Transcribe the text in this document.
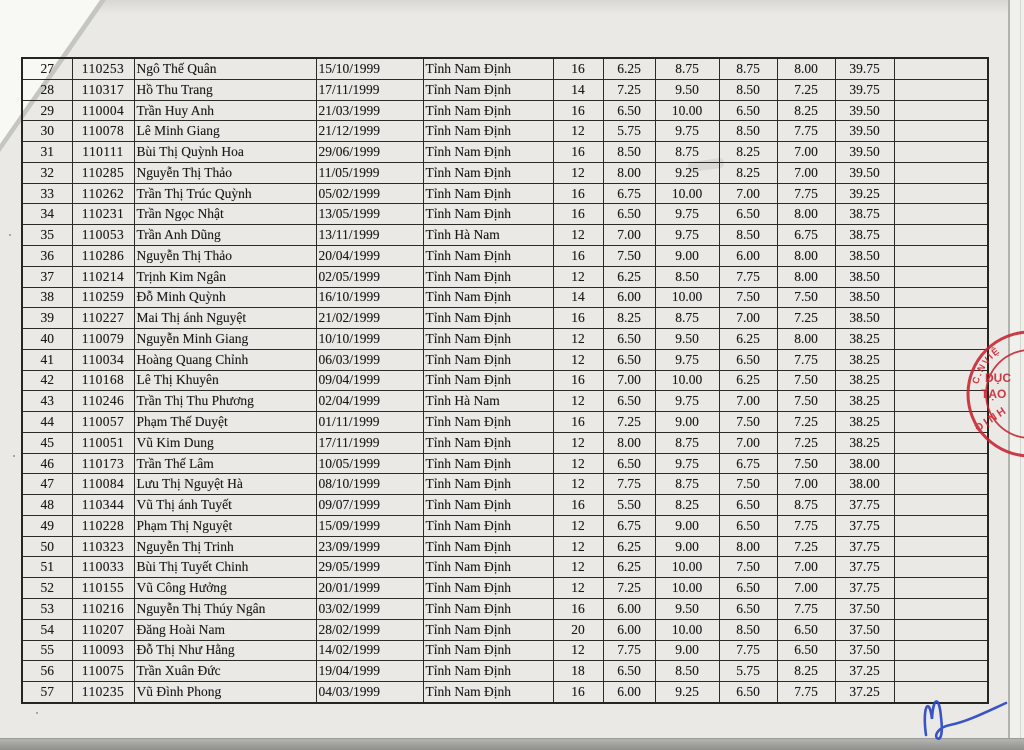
27	110253	Ngô Thế Quân	15/10/1999	Tỉnh Nam Định	16	6.25	8.75	8.75	8.00	39.75	
28	110317	Hồ Thu Trang	17/11/1999	Tỉnh Nam Định	14	7.25	9.50	8.50	7.25	39.75	
29	110004	Trần Huy Anh	21/03/1999	Tỉnh Nam Định	16	6.50	10.00	6.50	8.25	39.50	
30	110078	Lê Minh Giang	21/12/1999	Tỉnh Nam Định	12	5.75	9.75	8.50	7.75	39.50	
31	110111	Bùi Thị Quỳnh Hoa	29/06/1999	Tỉnh Nam Định	16	8.50	8.75	8.25	7.00	39.50	
32	110285	Nguyễn Thị Thảo	11/05/1999	Tỉnh Nam Định	12	8.00	9.25	8.25	7.00	39.50	
33	110262	Trần Thị Trúc Quỳnh	05/02/1999	Tỉnh Nam Định	16	6.75	10.00	7.00	7.75	39.25	
34	110231	Trần Ngọc Nhật	13/05/1999	Tỉnh Nam Định	16	6.50	9.75	6.50	8.00	38.75	
35	110053	Trần Anh Dũng	13/11/1999	Tỉnh Hà Nam	12	7.00	9.75	8.50	6.75	38.75	
36	110286	Nguyễn Thị Thảo	20/04/1999	Tỉnh Nam Định	16	7.50	9.00	6.00	8.00	38.50	
37	110214	Trịnh Kim Ngân	02/05/1999	Tỉnh Nam Định	12	6.25	8.50	7.75	8.00	38.50	
38	110259	Đỗ Minh Quỳnh	16/10/1999	Tỉnh Nam Định	14	6.00	10.00	7.50	7.50	38.50	
39	110227	Mai Thị ánh Nguyệt	21/02/1999	Tỉnh Nam Định	16	8.25	8.75	7.00	7.25	38.50	
40	110079	Nguyễn Minh Giang	10/10/1999	Tỉnh Nam Định	12	6.50	9.50	6.25	8.00	38.25	
41	110034	Hoàng Quang Chỉnh	06/03/1999	Tỉnh Nam Định	12	6.50	9.75	6.50	7.75	38.25	
42	110168	Lê Thị Khuyên	09/04/1999	Tỉnh Nam Định	16	7.00	10.00	6.25	7.50	38.25	
43	110246	Trần Thị Thu Phương	02/04/1999	Tỉnh Hà Nam	12	6.50	9.75	7.00	7.50	38.25	
44	110057	Phạm Thế Duyệt	01/11/1999	Tỉnh Nam Định	16	7.25	9.00	7.50	7.25	38.25	
45	110051	Vũ Kim Dung	17/11/1999	Tỉnh Nam Định	12	8.00	8.75	7.00	7.25	38.25	
46	110173	Trần Thế Lâm	10/05/1999	Tỉnh Nam Định	12	6.50	9.75	6.75	7.50	38.00	
47	110084	Lưu Thị Nguyệt Hà	08/10/1999	Tỉnh Nam Định	12	7.75	8.75	7.50	7.00	38.00	
48	110344	Vũ Thị ánh Tuyết	09/07/1999	Tỉnh Nam Định	16	5.50	8.25	6.50	8.75	37.75	
49	110228	Phạm Thị Nguyệt	15/09/1999	Tỉnh Nam Định	12	6.75	9.00	6.50	7.75	37.75	
50	110323	Nguyễn Thị Trinh	23/09/1999	Tỉnh Nam Định	12	6.25	9.00	8.00	7.25	37.75	
51	110033	Bùi Thị Tuyết Chinh	29/05/1999	Tỉnh Nam Định	12	6.25	10.00	7.50	7.00	37.75	
52	110155	Vũ Công Hưởng	20/01/1999	Tỉnh Nam Định	12	7.25	10.00	6.50	7.00	37.75	
53	110216	Nguyễn Thị Thúy Ngân	03/02/1999	Tỉnh Nam Định	16	6.00	9.50	6.50	7.75	37.50	
54	110207	Đăng Hoài Nam	28/02/1999	Tỉnh Nam Định	20	6.00	10.00	8.50	6.50	37.50	
55	110093	Đỗ Thị Như Hằng	14/02/1999	Tỉnh Nam Định	12	7.75	9.00	7.75	6.50	37.50	
56	110075	Trần Xuân Đức	19/04/1999	Tỉnh Nam Định	18	6.50	8.50	5.75	8.25	37.25	
57	110235	Vũ Đình Phong	04/03/1999	Tỉnh Nam Định	16	6.00	9.25	6.50	7.75	37.25	
C.NVIỆ
DỤC
TẠO
ĐỊNH
